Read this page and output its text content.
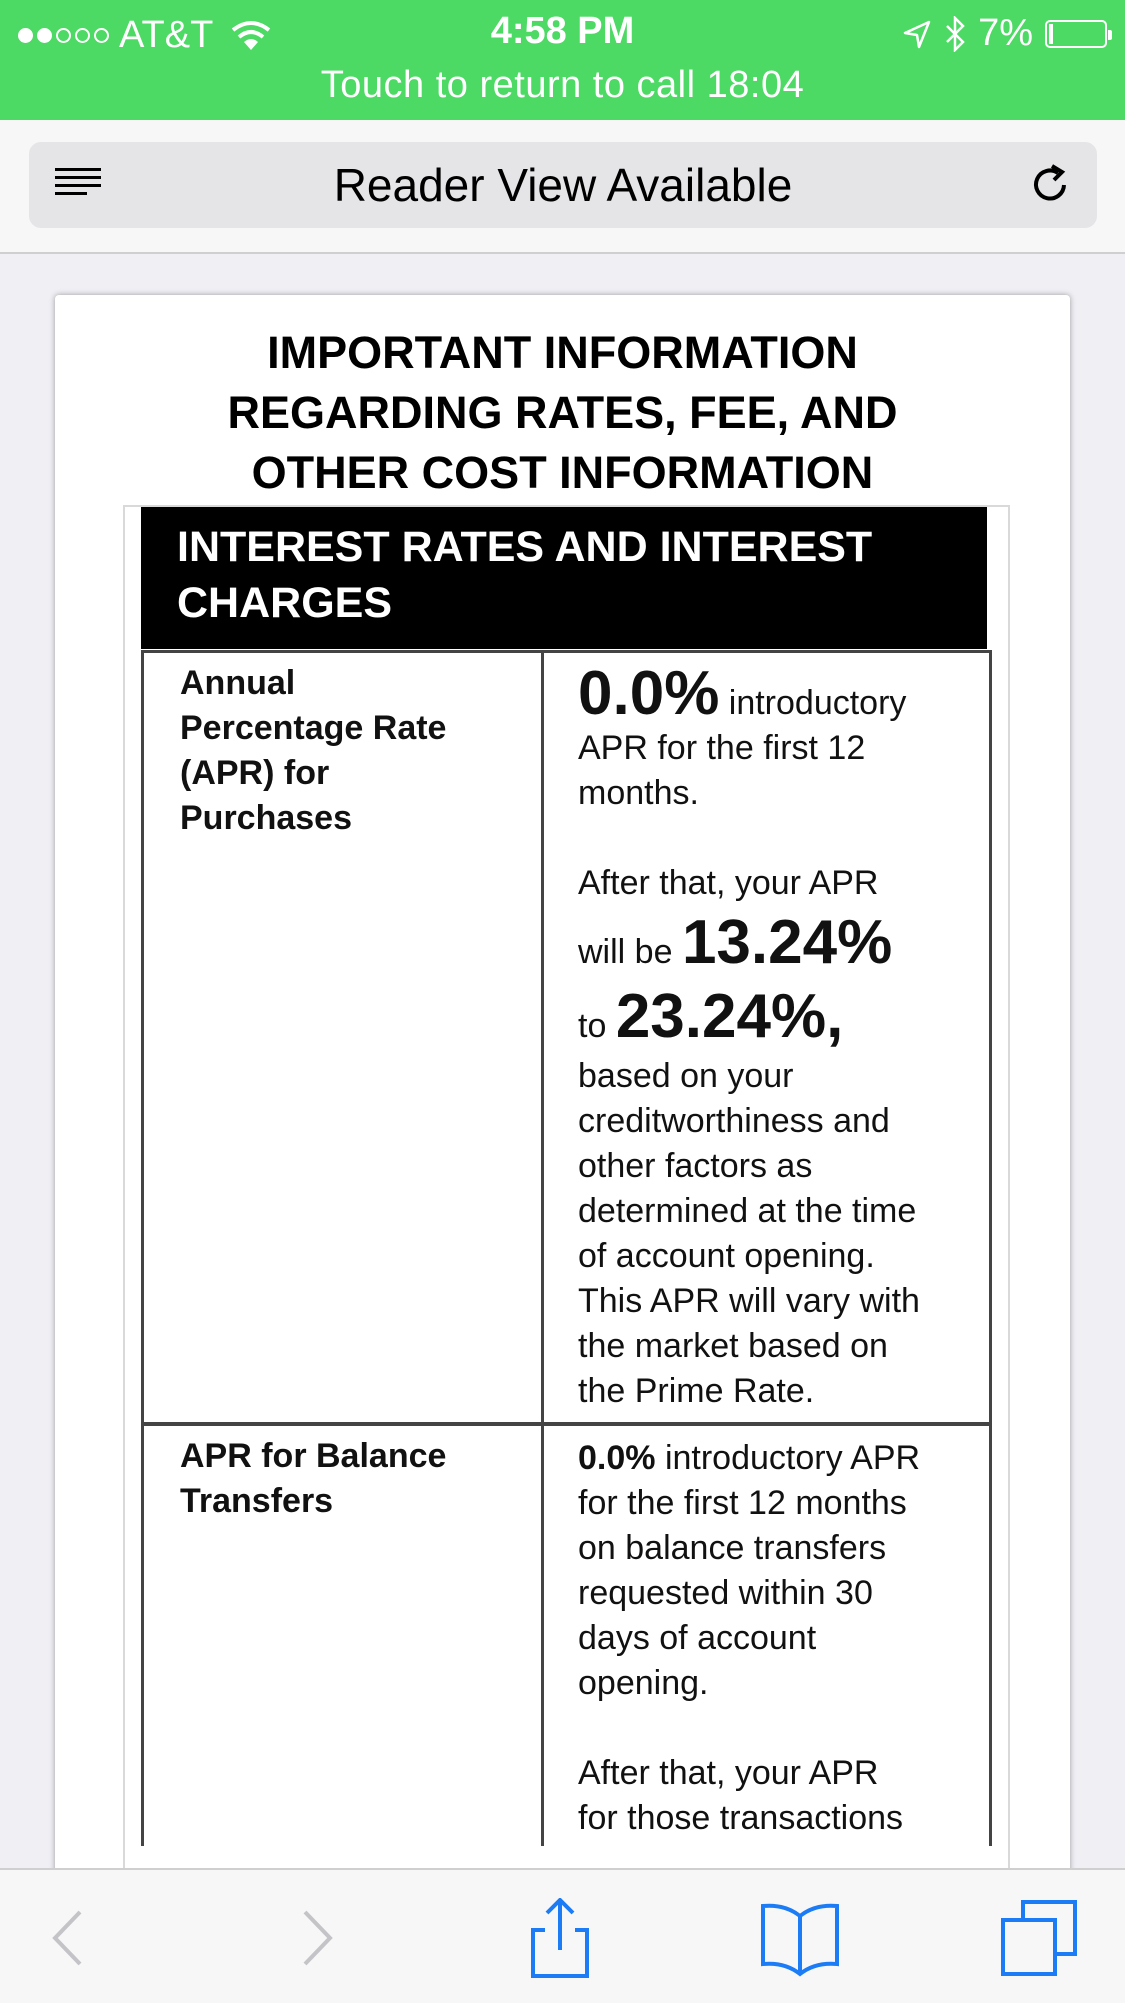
AT&T	4:58 PM	7%
Touch to return to call 18:04
Reader View Available
IMPORTANT INFORMATION
REGARDING RATES, FEE, AND
OTHER COST INFORMATION
INTEREST RATES AND INTEREST
CHARGES
Annual
Percentage Rate
(APR) for
Purchases
0.0% introductory
APR for the first 12
months.
After that, your APR
will be 13.24%
to 23.24%,
based on your
creditworthiness and
other factors as
determined at the time
of account opening.
This APR will vary with
the market based on
the Prime Rate.
APR for Balance
Transfers
0.0% introductory APR
for the first 12 months
on balance transfers
requested within 30
days of account
opening.
After that, your APR
for those transactions
